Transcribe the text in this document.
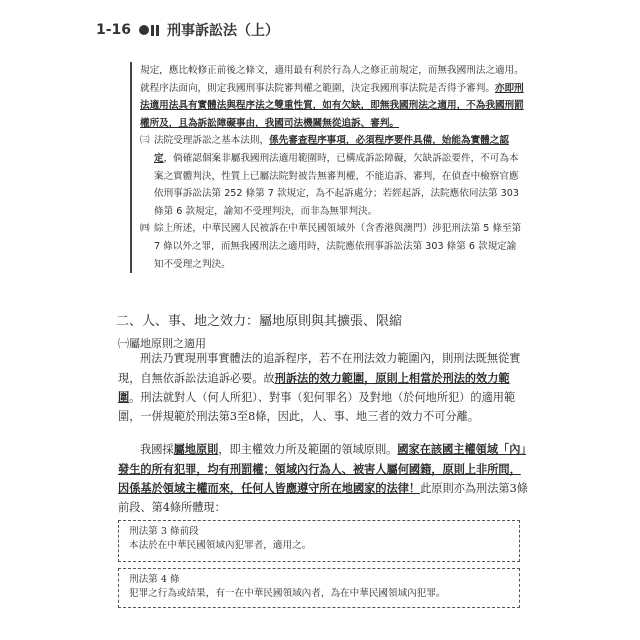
1-16	刑事訴訟法（上）

規定，應比較修正前後之條文，適用最有利於行為人之修正前規定，而無我國刑法之適用。就程序法面向，則定我國刑事法院審判權之範圍，決定我國刑事法院是否得予審判。亦即刑法適用法具有實體法與程序法之雙重性質，如有欠缺，即無我國刑法之適用，不為我國刑罰權所及，且為訴訟障礙事由，我國司法機關無從追訴、審判。

㈢ 法院受理訴訟之基本法則，係先審查程序事項，必須程序要件具備，始能為實體之認定，倘確認個案非屬我國刑法適用範圍時，已構成訴訟障礙，欠缺訴訟要件，不可為本案之實體判決，性質上已屬法院對被告無審判權，不能追訴、審判，在偵查中檢察官應依刑事訴訟法第 252 條第 7 款規定，為不起訴處分；若經起訴，法院應依同法第 303 條第 6 款規定，諭知不受理判決，而非為無罪判決。
㈣ 綜上所述，中華民國人民被訴在中華民國領域外（含香港與澳門）涉犯刑法第 5 條至第 7 條以外之罪，而無我國刑法之適用時，法院應依刑事訴訟法第 303 條第 6 款規定諭知不受理之判決。
二、人、事、地之效力：屬地原則與其擴張、限縮
㈠屬地原則之適用

刑法乃實現刑事實體法的追訴程序，若不在刑法效力範圍內，則刑法既無從實現，自無依訴訟法追訴必要。故刑訴法的效力範圍，原則上相當於刑法的效力範圍。刑法就對人（何人所犯）、對事（犯何罪名）及對地（於何地所犯）的適用範圍，一併規範於刑法第3至8條，因此，人、事、地三者的效力不可分離。

我國採屬地原則，即主權效力所及範圍的領域原則。國家在該國主權領域「內」發生的所有犯罪，均有刑罰權；領域內行為人、被害人屬何國籍，原則上非所問，因係基於領域主權而來，任何人皆應遵守所在地國家的法律！此原則亦為刑法第3條前段、第4條所體現：

刑法第 3 條前段
本法於在中華民國領域內犯罪者，適用之。
刑法第 4 條
犯罪之行為或結果，有一在中華民國領域內者，為在中華民國領域內犯罪。
